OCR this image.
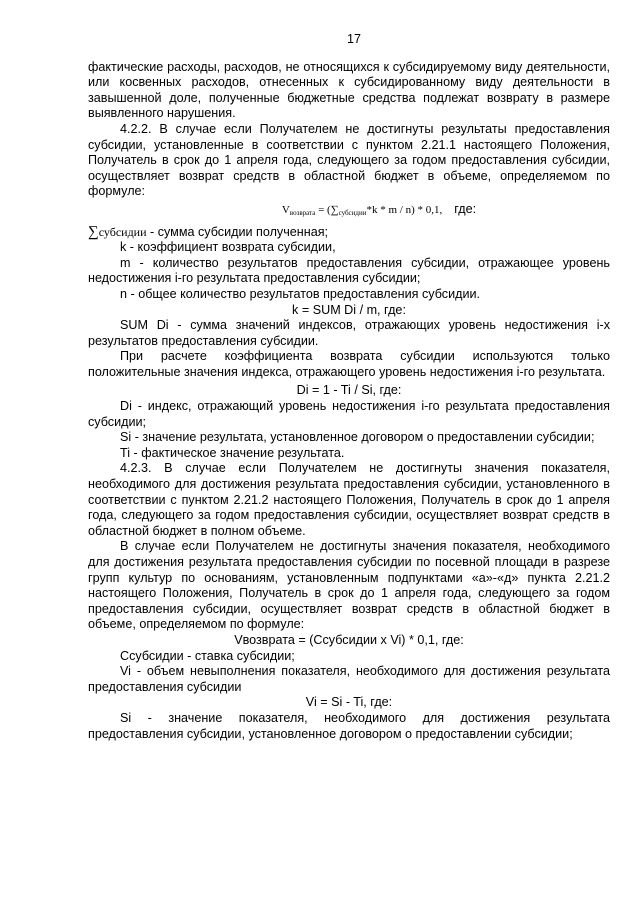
17

фактические расходы, расходов, не относящихся к субсидируемому виду деятельности, или косвенных расходов, отнесенных к субсидированному виду деятельности в завышенной доле, полученные бюджетные средства подлежат возврату в размере выявленного нарушения.

4.2.2. В случае если Получателем не достигнуты результаты предоставления субсидии, установленные в соответствии с пунктом 2.21.1 настоящего Положения, Получатель в срок до 1 апреля года, следующего за годом предоставления субсидии, осуществляет возврат средств в областной бюджет в объеме, определяемом по формуле:

$V_{возврата} = (\sum_{субсидии}*k * m / n) * 0,1$, где:

∑субсидии - сумма субсидии полученная;

k - коэффициент возврата субсидии,

m - количество результатов предоставления субсидии, отражающее уровень недостижения i-го результата предоставления субсидии;

n - общее количество результатов предоставления субсидии.

k = SUM Di / m, где:

SUM Di - сумма значений индексов, отражающих уровень недостижения i-х результатов предоставления субсидии.

При расчете коэффициента возврата субсидии используются только положительные значения индекса, отражающего уровень недостижения i-го результата.

Di = 1 - Ti / Si, где:

Di - индекс, отражающий уровень недостижения i-го результата предоставления субсидии;

Si - значение результата, установленное договором о предоставлении субсидии;

Ti - фактическое значение результата.

4.2.3. В случае если Получателем не достигнуты значения показателя, необходимого для достижения результата предоставления субсидии, установленного в соответствии с пунктом 2.21.2 настоящего Положения, Получатель в срок до 1 апреля года, следующего за годом предоставления субсидии, осуществляет возврат средств в областной бюджет в полном объеме.

В случае если Получателем не достигнуты значения показателя, необходимого для достижения результата предоставления субсидии по посевной площади в разрезе групп культур по основаниям, установленным подпунктами «а»-«д» пункта 2.21.2 настоящего Положения, Получатель в срок до 1 апреля года, следующего за годом предоставления субсидии, осуществляет возврат средств в областной бюджет в объеме, определяемом по формуле:

Vвозврата = (Cсубсидии x Vi) * 0,1, где:

Cсубсидии - ставка субсидии;

Vi - объем невыполнения показателя, необходимого для достижения результата предоставления субсидии

Vi = Si - Ti, где:

Si - значение показателя, необходимого для достижения результата предоставления субсидии, установленное договором о предоставлении субсидии;
